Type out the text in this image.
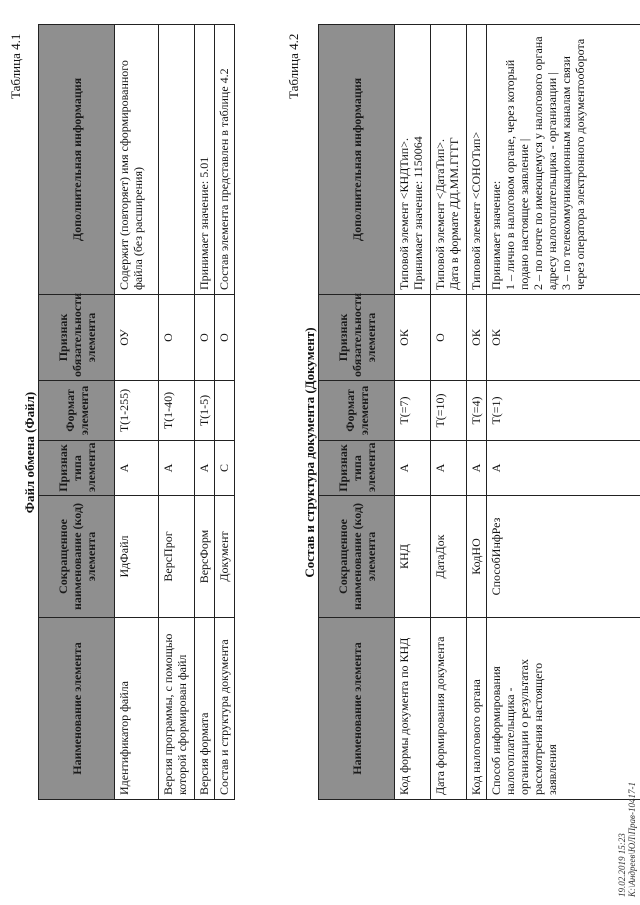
Таблица 4.1
Файл обмена (Файл)
Наименование элемента	Сокращенное наименование (код) элемента	Признак типа элемента	Формат элемента	Признак обязательности элемента	Дополнительная информация
Идентификатор файла	ИдФайл	А	T(1-255)	ОУ	Содержит (повторяет) имя сформированного файла (без расширения)
Версия программы, с помощью которой сформирован файл	ВерсПрог	А	T(1-40)	О	
Версия формата	ВерсФорм	А	T(1-5)	О	Принимает значение: 5.01
Состав и структура документа	Документ	С		О	Состав элемента представлен в таблице 4.2
Таблица 4.2
Состав и структура документа (Документ)
Наименование элемента	Сокращенное наименование (код) элемента	Признак типа элемента	Формат элемента	Признак обязательности элемента	Дополнительная информация
Код формы документа по КНД	КНД	А	T(=7)	ОК	Типовой элемент <КНДТип>.
Принимает значение: 1150064
Дата формирования документа	ДатаДок	А	T(=10)	О	Типовой элемент <ДатаТип>.
Дата в формате ДД.ММ.ГГГГ
Код налогового органа	КодНО	А	T(=4)	ОК	Типовой элемент <СОНОТип>
Способ информирования налогоплательщика - организации о результатах рассмотрения настоящего заявления	СпособИнфРез	А	T(=1)	ОК	Принимает значение:
1 – лично в налоговом органе, через который подано настоящее заявление |
2 – по почте по имеющемуся у налогового органа адресу налогоплательщика - организации |
3 – по телекоммуникационным каналам связи через оператора электронного документооборота
19.02.2019 15:23 К:\Андреев\ЮЛ\Прав-10417-1
